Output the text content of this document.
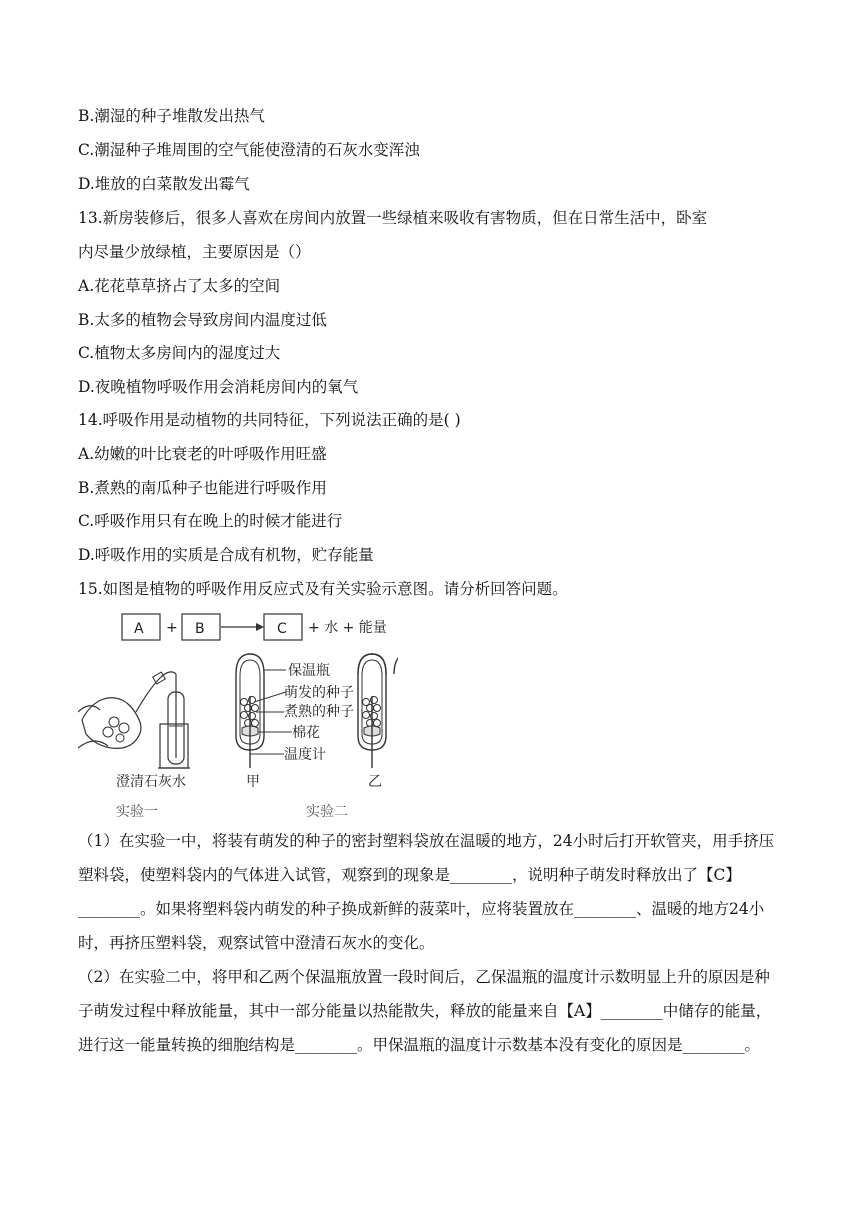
B.潮湿的种子堆散发出热气
C.潮湿种子堆周围的空气能使澄清的石灰水变浑浊
D.堆放的白菜散发出霉气
13.新房装修后，很多人喜欢在房间内放置一些绿植来吸收有害物质，但在日常生活中，卧室
内尽量少放绿植，主要原因是（）
A.花花草草挤占了太多的空间
B.太多的植物会导致房间内温度过低
C.植物太多房间内的湿度过大
D.夜晚植物呼吸作用会消耗房间内的氧气
14.呼吸作用是动植物的共同特征，下列说法正确的是( )
A.幼嫩的叶比衰老的叶呼吸作用旺盛
B.煮熟的南瓜种子也能进行呼吸作用
C.呼吸作用只有在晚上的时候才能进行
D.呼吸作用的实质是合成有机物，贮存能量
15.如图是植物的呼吸作用反应式及有关实验示意图。请分析回答问题。
A + B	C + 水 + 能量
澄清石灰水
实验一
保温瓶
萌发的种子
煮熟的种子
棉花
温度计
甲	乙
实验二
（1）在实验一中，将装有萌发的种子的密封塑料袋放在温暖的地方，24小时后打开软管夹，用手挤压塑料袋，使塑料袋内的气体进入试管，观察到的现象是________，说明种子萌发时释放出了【C】________。如果将塑料袋内萌发的种子换成新鲜的菠菜叶，应将装置放在________、温暖的地方24小时，再挤压塑料袋，观察试管中澄清石灰水的变化。
（2）在实验二中，将甲和乙两个保温瓶放置一段时间后，乙保温瓶的温度计示数明显上升的原因是种子萌发过程中释放能量，其中一部分能量以热能散失，释放的能量来自【A】________中储存的能量，进行这一能量转换的细胞结构是________。甲保温瓶的温度计示数基本没有变化的原因是________。
